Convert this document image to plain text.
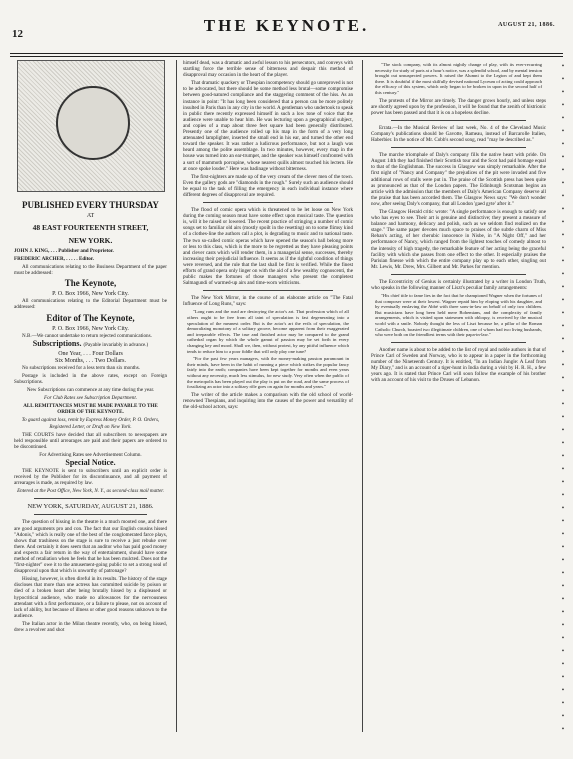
12	THE KEYNOTE.	AUGUST 21, 1886.
PUBLISHED EVERY THURSDAY
AT
48 EAST FOURTEENTH STREET,
NEW YORK.

JOHN J. KING, . . . Publisher and Proprietor.

FREDERIC ARCHER, . . . . . Editor.

All communications relating to the Business Department of the paper must be addressed:

The Keynote,
P. O. Box 1966, New York City.

All communications relating to the Editorial Department must be addressed:

Editor of The Keynote,
P. O. Box 1966, New York City.

N.B.—We cannot undertake to return rejected communications.

Subscriptions. (Payable invariably in advance.)
One Year, . . . Four Dollars
Six Months, . . . Two Dollars.

No subscriptions received for a less term than six months.

Postage is included in the above rates, except on Foreign Subscriptions.

New Subscriptions can commence at any time during the year.

For Club Rates see Subscription Department.

ALL REMITTANCES MUST BE MADE PAYABLE TO THE ORDER OF THE KEYNOTE.

To guard against loss, remit by Express Money Order, P. O. Orders, Registered Letter, or Draft on New York.

THE COURTS have decided that all subscribers to newspapers are held responsible until arrearages are paid and their papers are ordered to be discontinued.

For Advertising Rates see Advertisement Column.

Special Notice.

THE KEYNOTE is sent to subscribers until an explicit order is received by the Publisher for its discontinuance, and all payment of arrearages is made, as required by law.

Entered at the Post Office, New York, N. Y., as second-class mail matter.

NEW YORK, SATURDAY, AUGUST 21, 1886.

The question of hissing in the theatre is a much mooted one, and there are good arguments pro and con. The fact that our English cousins hissed "Adonis," which is really one of the best of the conglomerated farce plays, shows that trashiness on the stage is sure to receive a just rebuke over there. And certainly it does seem that an auditor who has paid good money and expects a fair return in the way of entertainment, should have some method of retaliation when he feels that he has been mulcted. Does not the "first-nighter" owe it to the amusement-going public to set a strong seal of disapproval upon that which is unworthy of patronage?

Hissing, however, is often direful in its results. The history of the stage discloses that more than one actress has committed suicide by poison or died of a broken heart after being brutally hissed by a displeased or hypocritical audience, who made no allowances for the nervousness attendant with a first performance, or a failure to please, not on account of lack of ability, but because of illness or other good reasons unknown to the audience.

The Italian actor in the Milan theatre recently, who, on being hissed, drew a revolver and shot

himself dead, was a dramatic and awful lesson to his persecutors, and conveys with startling force the terrible sense of bitterness and despair this method of disapproval may occasion in the heart of the player.

That dramatic quackery or Thespian incompetency should go unreproved is not to be advocated, but there should be some method less brutal—some compromise between good-natured compliance and the staggering comment of the hiss. As an instance in point: "It has long been considered that a person can be more politely insulted in Paris than in any city in the world. A gentleman who undertook to speak in public there recently expressed himself in such a low tone of voice that the audience were unable to hear him. He was lecturing upon a geographical subject, and copies of a map about three feet square had been generally distributed. Presently one of the audience rolled up his map in the form of a very long attenuated lamplighter, inserted the small end in his ear, and turned the other end toward the speaker. It was rather a ludicrous performance, but not a laugh was heard among the polite assemblage. In two minutes, however, every map in the house was turned into an ear-trumpet, and the speaker was himself confronted with a sort of mammoth porcupine, whose nearest quills almost touched his lectern. He at once spoke louder." Here was badinage without bitterness.

The first-nighters are made up of the very cream of the clever men of the town. Even the gallery gods are "diamonds in the rough." Surely such an audience should be equal to the task of filling the emergency in each individual instance where different degrees of disapproval are required.

The flood of comic opera which is threatened to be let loose on New York during the coming season must have some effect upon musical taste. The question is, will it be raised or lowered. The recent practice of stringing a number of comic songs set to familiar old airs (mostly spoilt in the resetting) on to some flimsy kind of a clothes-line the authors call a plot, is degrading to music and to national taste. The two so-called comic operas which have opened the season's ball belong more or less to this class, which is the more to be regretted as they have pleasing points and clever casts which will render them, in a managerial sense, successes, thereby increasing their prejudicial influence. It seems as if the rightful condition of things were reversed, and the rule that the last shall be first is verified. While the finest efforts of grand opera only linger on with the aid of a few wealthy cognoscenti, the public makes the fortunes of those managers who present the completest Salmagundi of warmed-up airs and time-worn witticisms.

The New York Mirror, in the course of an elaborate article on "The Fatal Influence of Long Runs," says:

"Long runs and the road are destroying the actor's art. That profession which of all others ought to be free from all taint of speculation is fast degenerating into a speculation of the meanest order. But is the actor's art the evils of speculation, the demoralizing monotony of a solitary groove, become apparent from their exaggerated and irreparable effects. The true and finished actor may be compared to the grand cathedral organ by which the whole gamut of passion may be set forth in every changing key and mood. Shall we, then, without protest, by any pitiful influence which tends to reduce him to a poor fiddle that will only play one tune?
"For the past few years managers, with the money-making passion paramount in their minds, have been in the habit of running a piece which strikes the popular fancy fairly into the earth; companies have been kept together for months and even years without any necessity, much less stimulus, for new study. Very often when the public of the metropolis has been played out the play is put on the road, and the same process of fossilizing an actor into a solitary rôle goes on again for months and years."

The writer of the article makes a comparison with the old school of world-renowned Thespians, and inquiring into the causes of the power and versatility of the old-school actors, says:

"The stock company, with its almost nightly change of play, with its ever-recurring necessity for study of parts at a hour's notice, was a splendid school, and by mental tension brought out unsuspected powers. It raised the Alumni to the Legion of and kept them there. It is doubtful if the most skilfully devised national Lyceum of acting could approach the efficacy of this system, which only began to be broken in upon in the second half of this century."

The protests of the Mirror are timely. The danger grows hourly, and unless steps are shortly agreed upon by the profession, it will be found that the zenith of histrionic power has been passed and that it is on a hopeless decline.

Errata.—In the Musical Review of last week, No. 4 of the Cleveland Music Company's publications should be Gavotte, Rameau, instead of Barcarolle Italien, Haberbier. In the notice of Mr. Cobb's second song, read "may be described as."

The marche triomphale of Daly's company fills the native heart with pride. On August 14th they had finished their Scottish tour and the Scot had paid homage equal to that of the Englishman. The success in Glasgow was simply remarkable. After the first night of "Nancy and Company" the prejudices of the pit were invaded and five additional rows of stalls were put in. The praise of the Scottish press has been quite as pronounced as that of the London papers. The Edinburgh Scotsman begins an article with the admission that the members of Daly's American Company deserve all the praise that has been accorded them. The Glasgow News says: "We don't wonder now, after seeing Daly's company, that all London 'gaed gyte' after it."

The Glasgow Herald critic wrote: "A single performance is enough to satisfy one who has eyes to see. Their art is genuine and distinctive; they present a measure of balance and harmony, delicacy and polish, such as we seldom find realized on the stage." The same paper devotes much space to praises of the subtle charm of Miss Rehan's acting, of her cherubic innocence in Nisbe, in "A Night Off," and her performance of Nancy, which ranged from the lightest touches of comedy almost to the intensity of high tragedy, the remarkable feature of her acting being the graceful facility with which she passes from one effect to the other. It especially praises the Parisian finesse with which the entire company play up to each other, singling out Mr. Lewis, Mr. Drew, Mrs. Gilbert and Mr. Parkes for mention.

The Eccentricity of Genius is certainly illustrated by a writer in London Truth, who speaks in the following manner of Liszt's peculiar family arrangements:

"His chief title to fame lies in the fact that he championed Wagner when the fortunes of that composer were at their lowest. Wagner repaid him by eloping with his daughter, and by eventually enslaving the Abbé with three sons-in-law on behalf of only two children. But musicians have long been held mere Bohemians, and the complexity of family arrangements, which is visited upon statesmen with obloquy, is received by the musical world with a smile. Nobody thought the less of Liszt because he, a pillar of the Roman Catholic Church, boasted two illegitimate children, one of whom had two living husbands, who were both on the friendliest terms with their papa-in-law."

Another name is about to be added to the list of royal and noble authors in that of Prince Carl of Sweden and Norway, who is to appear in a paper in the forthcoming number of the Nineteenth Century. It is entitled, "In an Indian Jungle: A Leaf from My Diary," and is an account of a tiger-hunt in India during a visit by H. R. H., a few years ago. It is stated that Prince Carl will soon follow the example of his brother with an account of his visit to the Druses of Lebanon.

•
•
•
•
•
•
•
•
•
•
•
•
•
•
•
•
•
•
•
•
•
•
•
•
•
•
•
•
•
•
•
•
•
•
•
•
•
•
•
•
•
•
•
•
•
•
•
•
•
•
•
•
